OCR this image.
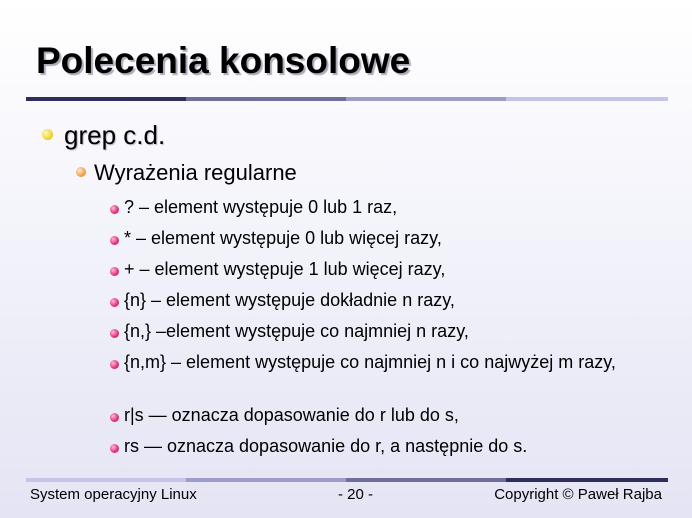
Polecenia konsolowe
grep c.d.
Wyrażenia regularne
? – element występuje 0 lub 1 raz,
* – element występuje 0 lub więcej razy,
+ – element występuje 1 lub więcej razy,
{n} – element występuje dokładnie n razy,
{n,} –element występuje co najmniej n razy,
{n,m} – element występuje co najmniej n i co najwyżej m razy,
r|s — oznacza dopasowanie do r lub do s,
rs — oznacza dopasowanie do r, a następnie do s.
System operacyjny Linux	- 20 -	Copyright © Paweł Rajba
